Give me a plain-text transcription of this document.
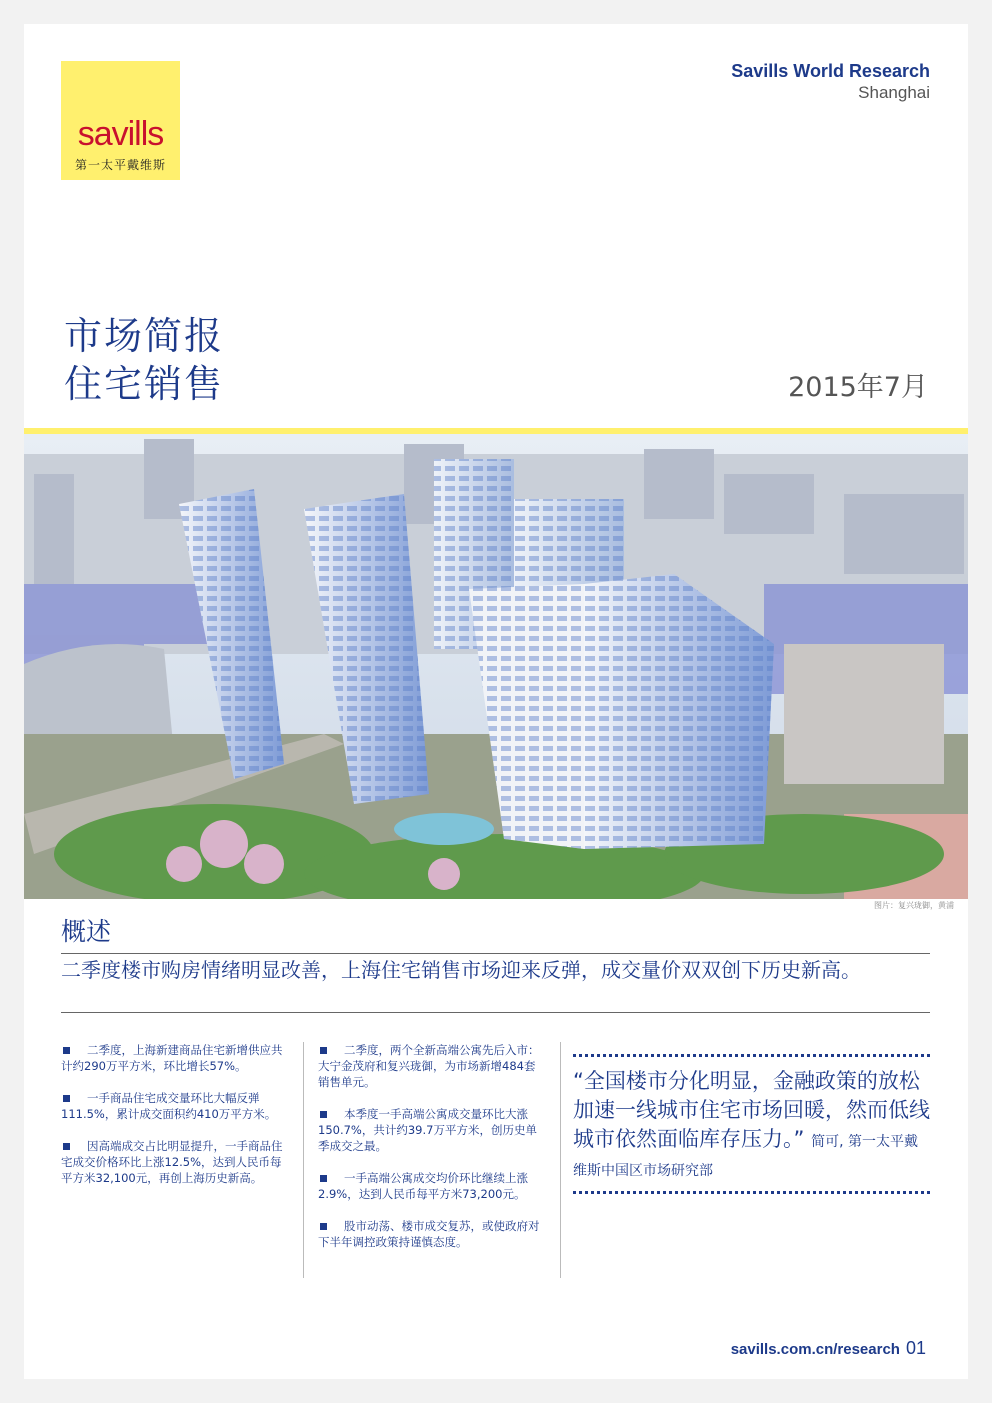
savills
第一太平戴维斯
Savills World Research
Shanghai
市场简报
住宅销售	2015年7月
图片：复兴珑御，黄浦
概述
二季度楼市购房情绪明显改善，上海住宅销售市场迎来反弹，成交量价双双创下历史新高。
二季度，上海新建商品住宅新增供应共计约290万平方米，环比增长57%。
一手商品住宅成交量环比大幅反弹111.5%，累计成交面积约410万平方米。
因高端成交占比明显提升，一手商品住宅成交价格环比上涨12.5%，达到人民币每平方米32,100元，再创上海历史新高。
二季度，两个全新高端公寓先后入市：大宁金茂府和复兴珑御，为市场新增484套销售单元。
本季度一手高端公寓成交量环比大涨150.7%，共计约39.7万平方米，创历史单季成交之最。
一手高端公寓成交均价环比继续上涨2.9%，达到人民币每平方米73,200元。
股市动荡、楼市成交复苏，或使政府对下半年调控政策持谨慎态度。
“全国楼市分化明显，金融政策的放松加速一线城市住宅市场回暖，然而低线城市依然面临库存压力。” 简可, 第一太平戴维斯中国区市场研究部
savills.com.cn/research 01
